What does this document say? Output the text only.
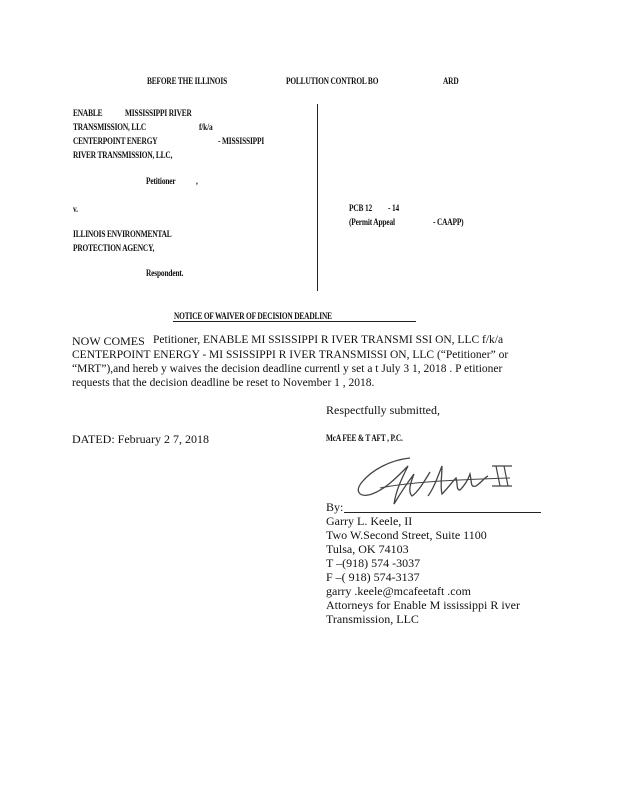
BEFORE THE ILLINOIS	POLLUTION CONTROL BO	ARD
ENABLE	MISSISSIPPI RIVER
TRANSMISSION, LLC	f/k/a
CENTERPOINT ENERGY	- MISSISSIPPI
RIVER TRANSMISSION, LLC,
Petitioner ,
v.
ILLINOIS ENVIRONMENTAL
PROTECTION AGENCY,
Respondent.
PCB 12 - 14
(Permit Appeal	- CAAPP)
NOTICE OF WAIVER OF DECISION DEADLINE
NOW COMES Petitioner, ENABLE MI SSISSIPPI R IVER TRANSMI SSI ON, LLC f/k/a
CENTERPOINT ENERGY - MI SSISSIPPI R IVER TRANSMISSI ON, LLC (“Petitioner” or
“MRT”),and hereb y waives the decision deadline currentl y set a t July 3 1, 2018 . P etitioner
requests that the decision deadline be reset to November 1 , 2018.
Respectfully submitted,
DATED: February 2 7, 2018	McA FEE & T AFT , P.C.
By:
Garry L. Keele, II
Two W.Second Street, Suite 1100
Tulsa, OK 74103
T –(918) 574 -3037
F –( 918) 574-3137
garry .keele@mcafeetaft .com
Attorneys for Enable M ississippi R iver
Transmission, LLC
